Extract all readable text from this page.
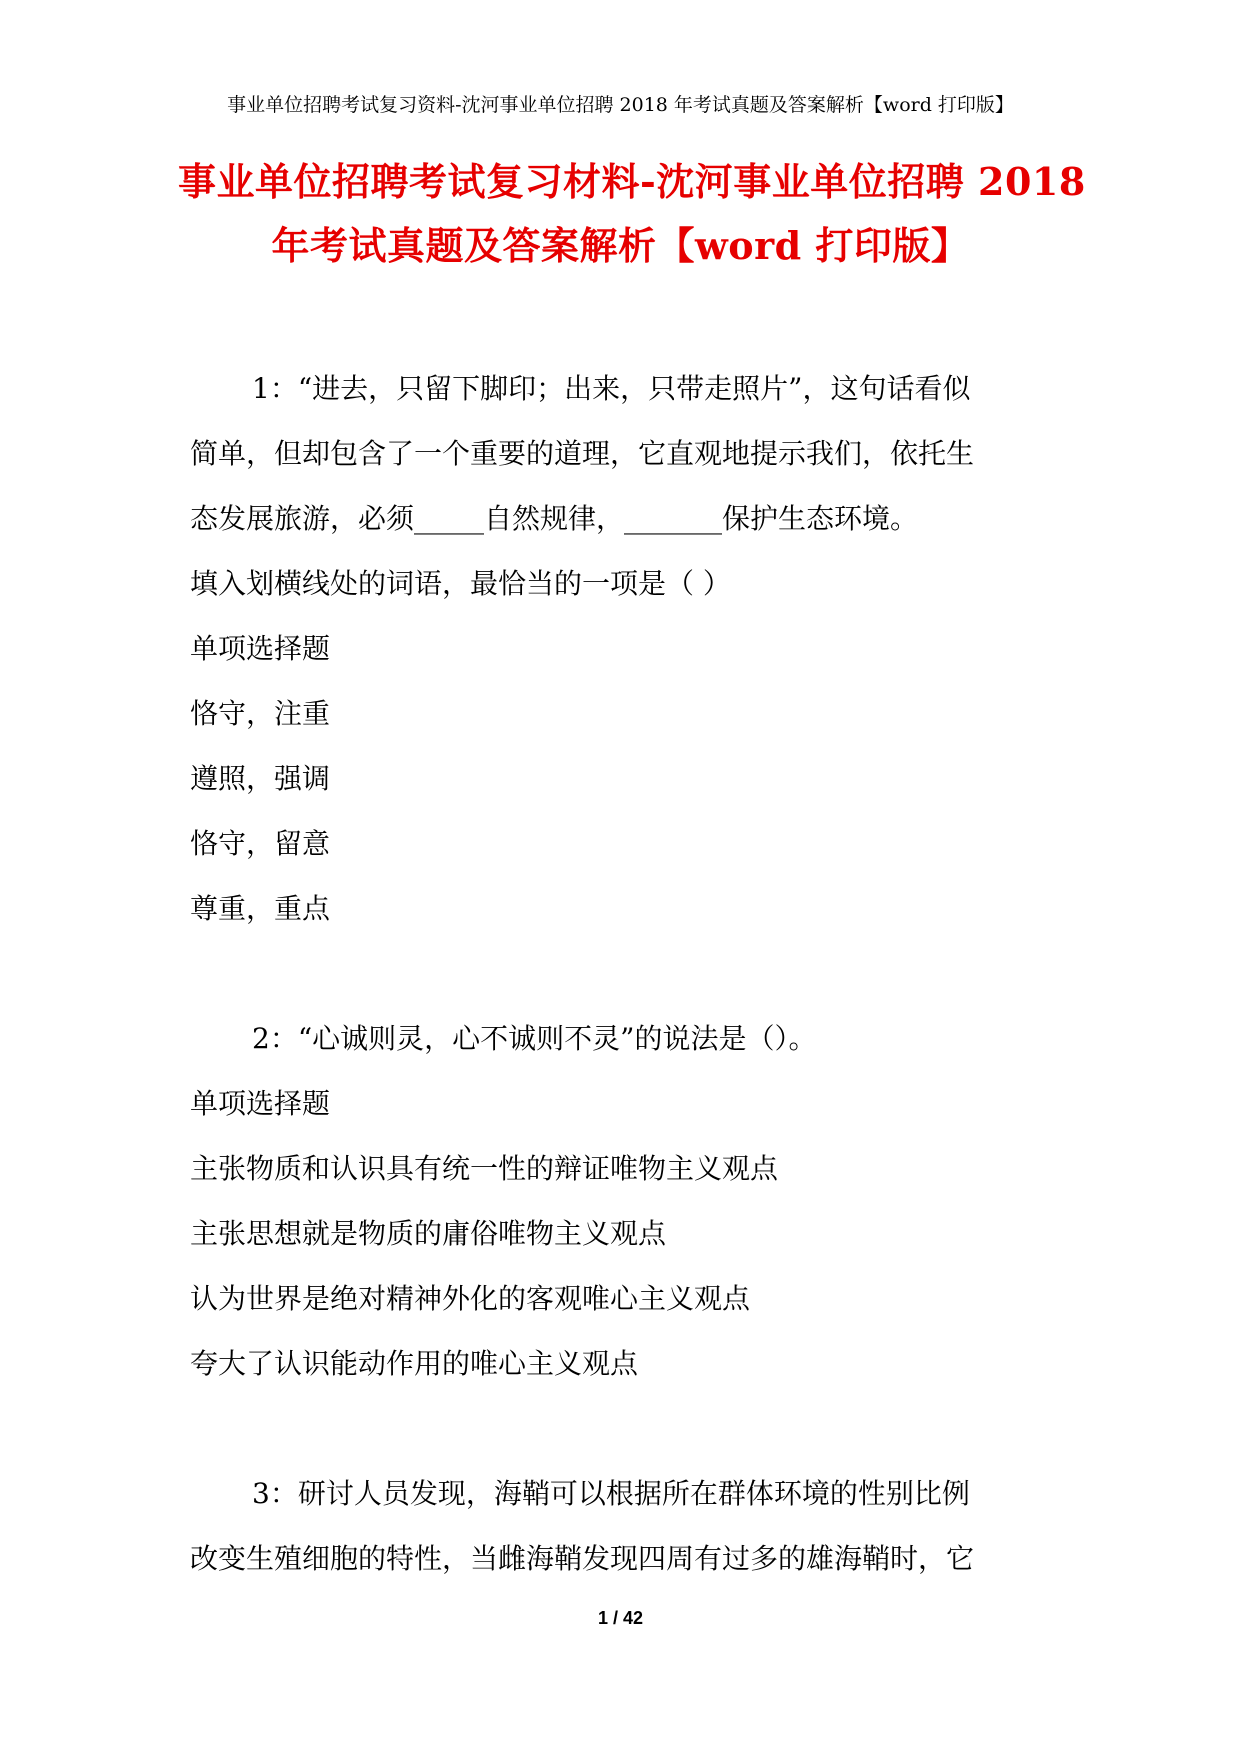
事业单位招聘考试复习资料-沈河事业单位招聘 2018 年考试真题及答案解析【word 打印版】
事业单位招聘考试复习材料-沈河事业单位招聘 2018
年考试真题及答案解析【word 打印版】
1：“进去，只留下脚印；出来，只带走照片”，这句话看似
简单，但却包含了一个重要的道理，它直观地提示我们，依托生
态发展旅游，必须_____自然规律，_______保护生态环境。
填入划横线处的词语，最恰当的一项是（ ）
单项选择题
恪守，注重
遵照，强调
恪守，留意
尊重，重点
2：“心诚则灵，心不诚则不灵”的说法是（）。
单项选择题
主张物质和认识具有统一性的辩证唯物主义观点
主张思想就是物质的庸俗唯物主义观点
认为世界是绝对精神外化的客观唯心主义观点
夸大了认识能动作用的唯心主义观点
3：研讨人员发现，海鞘可以根据所在群体环境的性别比例
改变生殖细胞的特性，当雌海鞘发现四周有过多的雄海鞘时，它
1 / 42
